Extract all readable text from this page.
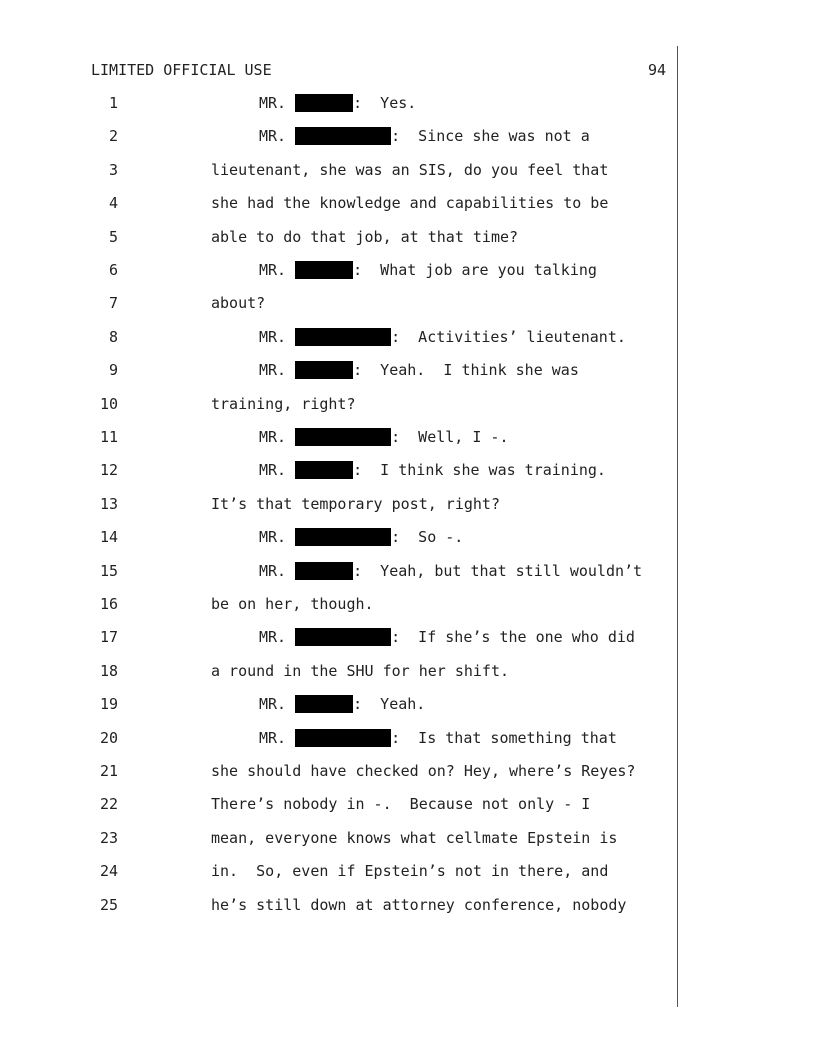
LIMITED OFFICIAL USE	94
1	MR.	:  Yes.
2	MR.	:  Since she was not a
3	lieutenant, she was an SIS, do you feel that
4	she had the knowledge and capabilities to be
5	able to do that job, at that time?
6	MR.	:  What job are you talking
7	about?
8	MR.	:  Activities’ lieutenant.
9	MR.	:  Yeah.  I think she was
10	training, right?
11	MR.	:  Well, I -.
12	MR.	:  I think she was training.
13	It’s that temporary post, right?
14	MR.	:  So -.
15	MR.	:  Yeah, but that still wouldn’t
16	be on her, though.
17	MR.	:  If she’s the one who did
18	a round in the SHU for her shift.
19	MR.	:  Yeah.
20	MR.	:  Is that something that
21	she should have checked on? Hey, where’s Reyes?
22	There’s nobody in -.  Because not only - I
23	mean, everyone knows what cellmate Epstein is
24	in.  So, even if Epstein’s not in there, and
25	he’s still down at attorney conference, nobody
